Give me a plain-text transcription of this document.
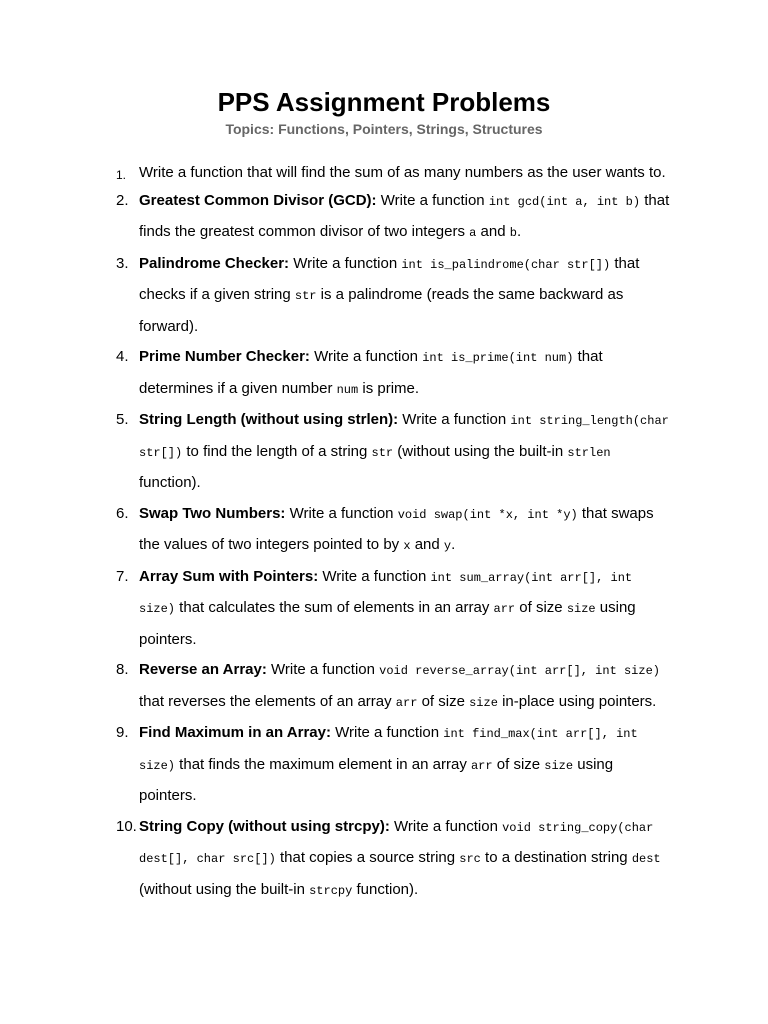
PPS Assignment Problems

Topics: Functions, Pointers, Strings, Structures

1. Write a function that will find the sum of as many numbers as the user wants to.
2. Greatest Common Divisor (GCD): Write a function int gcd(int a, int b) that finds the greatest common divisor of two integers a and b.
3. Palindrome Checker: Write a function int is_palindrome(char str[]) that checks if a given string str is a palindrome (reads the same backward as forward).
4. Prime Number Checker: Write a function int is_prime(int num) that determines if a given number num is prime.
5. String Length (without using strlen): Write a function int string_length(char str[]) to find the length of a string str (without using the built-in strlen function).
6. Swap Two Numbers: Write a function void swap(int *x, int *y) that swaps the values of two integers pointed to by x and y.
7. Array Sum with Pointers: Write a function int sum_array(int arr[], int size) that calculates the sum of elements in an array arr of size size using pointers.
8. Reverse an Array: Write a function void reverse_array(int arr[], int size) that reverses the elements of an array arr of size size in-place using pointers.
9. Find Maximum in an Array: Write a function int find_max(int arr[], int size) that finds the maximum element in an array arr of size size using pointers.
10. String Copy (without using strcpy): Write a function void string_copy(char dest[], char src[]) that copies a source string src to a destination string dest (without using the built-in strcpy function).
